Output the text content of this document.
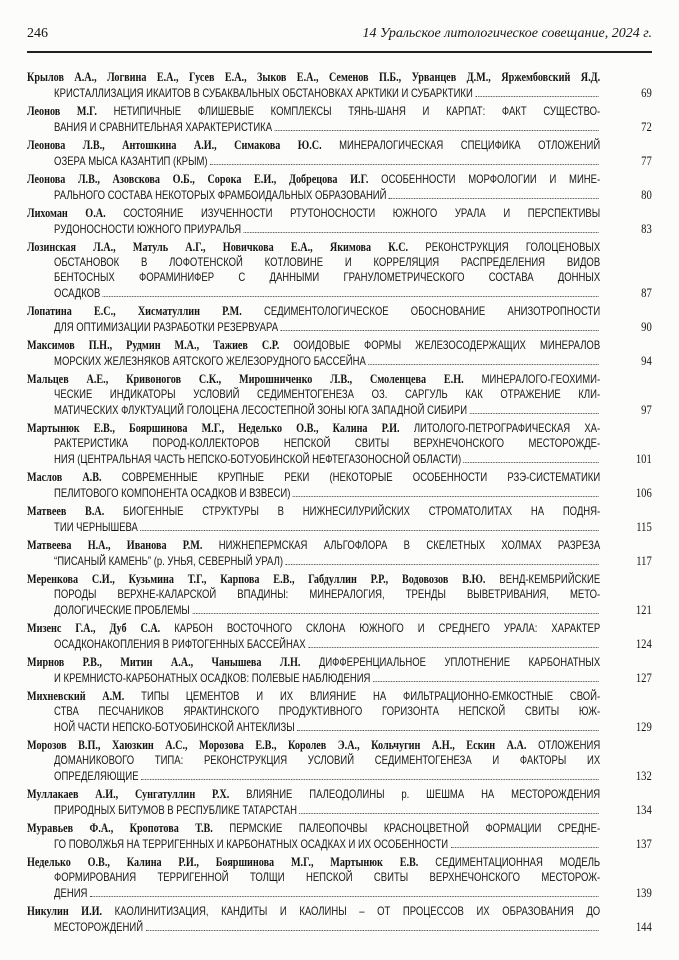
246	14 Уральское литологическое совещание, 2024 г.
Крылов А.А., Логвина Е.А., Гусев Е.А., Зыков Е.А., Семенов П.Б., Урванцев Д.М., Яржембовский Я.Д.
КРИСТАЛЛИЗАЦИЯ ИКАИТОВ В СУБАКВАЛЬНЫХ ОБСТАНОВКАХ АРКТИКИ И СУБАРКТИКИ	69
Леонов М.Г. НЕТИПИЧНЫЕ ФЛИШЕВЫЕ КОМПЛЕКСЫ ТЯНЬ-ШАНЯ И КАРПАТ: ФАКТ СУЩЕСТВО-
ВАНИЯ И СРАВНИТЕЛЬНАЯ ХАРАКТЕРИСТИКА	72
Леонова Л.В., Антошкина А.И., Симакова Ю.С. МИНЕРАЛОГИЧЕСКАЯ СПЕЦИФИКА ОТЛОЖЕНИЙ
ОЗЕРА МЫСА КАЗАНТИП (КРЫМ)	77
Леонова Л.В., Азовскова О.Б., Сорока Е.И., Добрецова И.Г. ОСОБЕННОСТИ МОРФОЛОГИИ И МИНЕ-
РАЛЬНОГО СОСТАВА НЕКОТОРЫХ ФРАМБОИДАЛЬНЫХ ОБРАЗОВАНИЙ	80
Лихоман О.А. СОСТОЯНИЕ ИЗУЧЕННОСТИ РТУТОНОСНОСТИ ЮЖНОГО УРАЛА И ПЕРСПЕКТИВЫ
РУДОНОСНОСТИ ЮЖНОГО ПРИУРАЛЬЯ	83
Лозинская Л.А., Матуль А.Г., Новичкова Е.А., Якимова К.С. РЕКОНСТРУКЦИЯ ГОЛОЦЕНОВЫХ
ОБСТАНОВОК В ЛОФОТЕНСКОЙ КОТЛОВИНЕ И КОРРЕЛЯЦИЯ РАСПРЕДЕЛЕНИЯ ВИДОВ
БЕНТОСНЫХ ФОРАМИНИФЕР С ДАННЫМИ ГРАНУЛОМЕТРИЧЕСКОГО СОСТАВА ДОННЫХ
ОСАДКОВ	87
Лопатина Е.С., Хисматуллин Р.М. СЕДИМЕНТОЛОГИЧЕСКОЕ ОБОСНОВАНИЕ АНИЗОТРОПНОСТИ
ДЛЯ ОПТИМИЗАЦИИ РАЗРАБОТКИ РЕЗЕРВУАРА	90
Максимов П.Н., Рудмин М.А., Тажиев С.Р. ООИДОВЫЕ ФОРМЫ ЖЕЛЕЗОСОДЕРЖАЩИХ МИНЕРАЛОВ
МОРСКИХ ЖЕЛЕЗНЯКОВ АЯТСКОГО ЖЕЛЕЗОРУДНОГО БАССЕЙНА	94
Мальцев А.Е., Кривоногов С.К., Мирошниченко Л.В., Смоленцева Е.Н. МИНЕРАЛОГО-ГЕОХИМИ-
ЧЕСКИЕ ИНДИКАТОРЫ УСЛОВИЙ СЕДИМЕНТОГЕНЕЗА ОЗ. САРГУЛЬ КАК ОТРАЖЕНИЕ КЛИ-
МАТИЧЕСКИХ ФЛУКТУАЦИЙ ГОЛОЦЕНА ЛЕСОСТЕПНОЙ ЗОНЫ ЮГА ЗАПАДНОЙ СИБИРИ	97
Мартынюк Е.В., Бояршинова М.Г., Недeлько О.В., Калина Р.И. ЛИТОЛОГО-ПЕТРОГРАФИЧЕСКАЯ ХА-
РАКТЕРИСТИКА ПОРОД-КОЛЛЕКТОРОВ НЕПСКОЙ СВИТЫ ВЕРХНЕЧОНСКОГО МЕСТОРОЖДЕ-
НИЯ (ЦЕНТРАЛЬНАЯ ЧАСТЬ НЕПСКО-БОТУОБИНСКОЙ НЕФТЕГАЗОНОСНОЙ ОБЛАСТИ)	101
Маслов А.В. СОВРЕМЕННЫЕ КРУПНЫЕ РЕКИ (НЕКОТОРЫЕ ОСОБЕННОСТИ РЗЭ-СИСТЕМАТИКИ
ПЕЛИТОВОГО КОМПОНЕНТА ОСАДКОВ И ВЗВЕСИ)	106
Матвеев В.А. БИОГЕННЫЕ СТРУКТУРЫ В НИЖНЕСИЛУРИЙСКИХ СТРОМАТОЛИТАХ НА ПОДНЯ-
ТИИ ЧЕРНЫШЕВА	115
Матвеева Н.А., Иванова Р.М. НИЖНЕПЕРМСКАЯ АЛЬГОФЛОРА В СКЕЛЕТНЫХ ХОЛМАХ РАЗРЕЗА
“ПИСАНЫЙ КАМЕНЬ” (р. УНЬЯ, СЕВЕРНЫЙ УРАЛ)	117
Меренкова С.И., Кузьмина Т.Г., Карпова Е.В., Габдуллин Р.Р., Водовозов В.Ю. ВЕНД-КЕМБРИЙСКИЕ
ПОРОДЫ ВЕРХНЕ-КАЛАРСКОЙ ВПАДИНЫ: МИНЕРАЛОГИЯ, ТРЕНДЫ ВЫВЕТРИВАНИЯ, МЕТО-
ДОЛОГИЧЕСКИЕ ПРОБЛЕМЫ	121
Мизенс Г.А., Дуб С.А. КАРБОН ВОСТОЧНОГО СКЛОНА ЮЖНОГО И СРЕДНЕГО УРАЛА: ХАРАКТЕР
ОСАДКОНАКОПЛЕНИЯ В РИФТОГЕННЫХ БАССЕЙНАХ	124
Мирнов Р.В., Митин А.А., Чанышева Л.Н. ДИФФЕРЕНЦИАЛЬНОЕ УПЛОТНЕНИЕ КАРБОНАТНЫХ
И КРЕМНИСТО-КАРБОНАТНЫХ ОСАДКОВ: ПОЛЕВЫЕ НАБЛЮДЕНИЯ	127
Михневский А.М. ТИПЫ ЦЕМЕНТОВ И ИХ ВЛИЯНИЕ НА ФИЛЬТРАЦИОННО-ЕМКОСТНЫЕ СВОЙ-
СТВА ПЕСЧАНИКОВ ЯРАКТИНСКОГО ПРОДУКТИВНОГО ГОРИЗОНТА НЕПСКОЙ СВИТЫ ЮЖ-
НОЙ ЧАСТИ НЕПСКО-БОТУОБИНСКОЙ АНТЕКЛИЗЫ	129
Морозов В.П., Хаюзкин А.С., Морозова Е.В., Королев Э.А., Кольчугин А.Н., Ескин А.А. ОТЛОЖЕНИЯ
ДОМАНИКОВОГО ТИПА: РЕКОНСТРУКЦИЯ УСЛОВИЙ СЕДИМЕНТОГЕНЕЗА И ФАКТОРЫ ИХ
ОПРЕДЕЛЯЮЩИЕ	132
Муллакаев А.И., Сунгатуллин Р.Х. ВЛИЯНИЕ ПАЛЕОДОЛИНЫ р. ШЕШМА НА МЕСТОРОЖДЕНИЯ
ПРИРОДНЫХ БИТУМОВ В РЕСПУБЛИКЕ ТАТАРСТАН	134
Муравьев Ф.А., Кропотова Т.В. ПЕРМСКИЕ ПАЛЕОПОЧВЫ КРАСНОЦВЕТНОЙ ФОРМАЦИИ СРЕДНЕ-
ГО ПОВОЛЖЬЯ НА ТЕРРИГЕННЫХ И КАРБОНАТНЫХ ОСАДКАХ И ИХ ОСОБЕННОСТИ	137
Недeлько О.В., Калина Р.И., Бояршинова М.Г., Мартынюк Е.В. СЕДИМЕНТАЦИОННАЯ МОДЕЛЬ
ФОРМИРОВАНИЯ ТЕРРИГЕННОЙ ТОЛЩИ НЕПСКОЙ СВИТЫ ВЕРХНЕЧОНСКОГО МЕСТОРОЖ-
ДЕНИЯ	139
Никулин И.И. КАОЛИНИТИЗАЦИЯ, КАНДИТЫ И КАОЛИНЫ – ОТ ПРОЦЕССОВ ИХ ОБРАЗОВАНИЯ ДО
МЕСТОРОЖДЕНИЙ	144
